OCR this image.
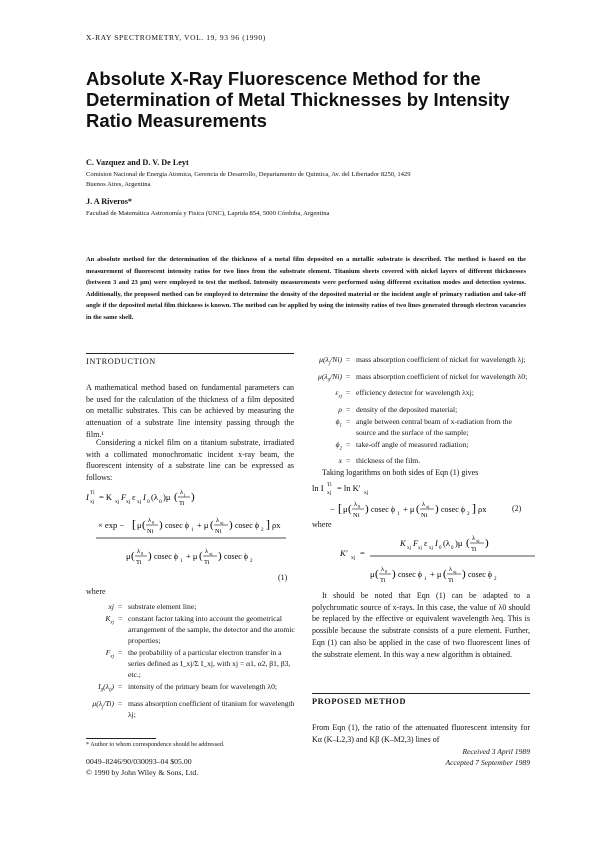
X-RAY SPECTROMETRY, VOL. 19, 93 96 (1990)
Absolute X-Ray Fluorescence Method for the Determination of Metal Thicknesses by Intensity Ratio Measurements
C. Vazquez and D. V. De Leyt
Comision Nacional de Energia Atomica, Gerencia de Desarrollo, Departamento de Quimica, Av. del Libertador 8250, 1429
Buenos Aires, Argentina
J. A Riveros*
Facultad de Matemática Astronomía y Fisica (UNC), Laprida 854, 5000 Córdoba, Argentina
An absolute method for the determination of the thickness of a metal film deposited on a metallic substrate is described. The method is based on the measurement of fluorescent intensity ratios for two lines from the substrate element. Titanium sheets covered with nickel layers of different thicknesses (between 3 and 23 µm) were employed to test the method. Intensity measurements were performed using different excitation modes and detection systems. Additionally, the proposed method can be employed to determine the density of the deposited material or the incident angle of primary radiation and take-off angle if the deposited metal film thickness is known. The method can be applied by using the intensity ratios of two lines generated through electron vacancies in the same shell.
INTRODUCTION
A mathematical method based on fundamental parameters can be used for the calculation of the thickness of a film deposited on metallic substrates. This can be achieved by measuring the attenuation of a substrate line intensity passing through the film.¹
Considering a nickel film on a titanium substrate, irradiated with a collimated monochromatic incident x-ray beam, the fluorescent intensity of a substrate line can be expressed as follows:
I Ti
xj = K xj F xj ε xj I 0 (λ 0 )μ ( λ j
Ti
)
× exp − [ μ ( λ 0
Ni
) cosec ϕ
1
+ μ ( λ xj
Ni
) cosec ϕ
2 ] ρx
μ ( λ 0
Ti
) cosec ϕ
1
+ μ ( λ xj
Ti
) cosec ϕ
2
(1)
where
xj = substrate element line;
$K_{xj}$
= constant factor taking into account the geometrical arrangement of the sample, the detector and the atomic properties;
$F_{xj}$
= the probability of a particular electron transfer in a series defined as I_xj/Σ I_xj, with xj = α1, α2, β1, β3, etc.;
$I_0(\lambda_0)$ = intensity of the primary beam for wavelength λ0;
$\mu(\lambda_j/Ti)$ = mass absorption coefficient of titanium for wavelength λj;
* Author to whom correspondence should be addressed.
0049–8246/90/030093–04 $05.00
© 1990 by John Wiley & Sons, Ltd.
$\mu(\lambda_j/Ni)$ = mass absorption coefficient of nickel for wavelength λj;
$\mu(\lambda_0/Ni)$ = mass absorption coefficient of nickel for wavelength λ0;
$\varepsilon_{xj}$
= efficiency detector for wavelength λxj;
ρ = density of the deposited material;
$\phi_1$
= angle between central beam of x-radiation from the source and the surface of the sample;
$\phi_2$
= take-off angle of measured radiation;
x = thickness of the film.
Taking logarithms on both sides of Eqn (1) gives
ln I Ti
xj = ln K′ xj
− [ μ ( λ 0
Ni
) cosec ϕ
1
+ μ ( λ xj
Ni
) cosec ϕ
2 ] ρx	(2)
where
K′ xj =
K
xj
F
xj
ε
xj
I
0
(λ
0
)μ ( λ xj
Ti
)
μ ( λ 0
Ti
) cosec ϕ
1
+ μ ( λ xj
Ti
) cosec ϕ
2
It should be noted that Eqn (1) can be adapted to a polychromatic source of x-rays. In this case, the value of λ0 should be replaced by the effective or equivalent wavelength λeq. This is possible because the substrate consists of a pure element. Further, Eqn (1) can also be applied in the case of two fluorescent lines of the substrate element. In this way a new algorithm is obtained.
PROPOSED METHOD
From Eqn (1), the ratio of the attenuated fluorescent intensity for Kα (K–L2,3) and Kβ (K–M2,3) lines of
Received 3 April 1989
Accepted 7 September 1989
